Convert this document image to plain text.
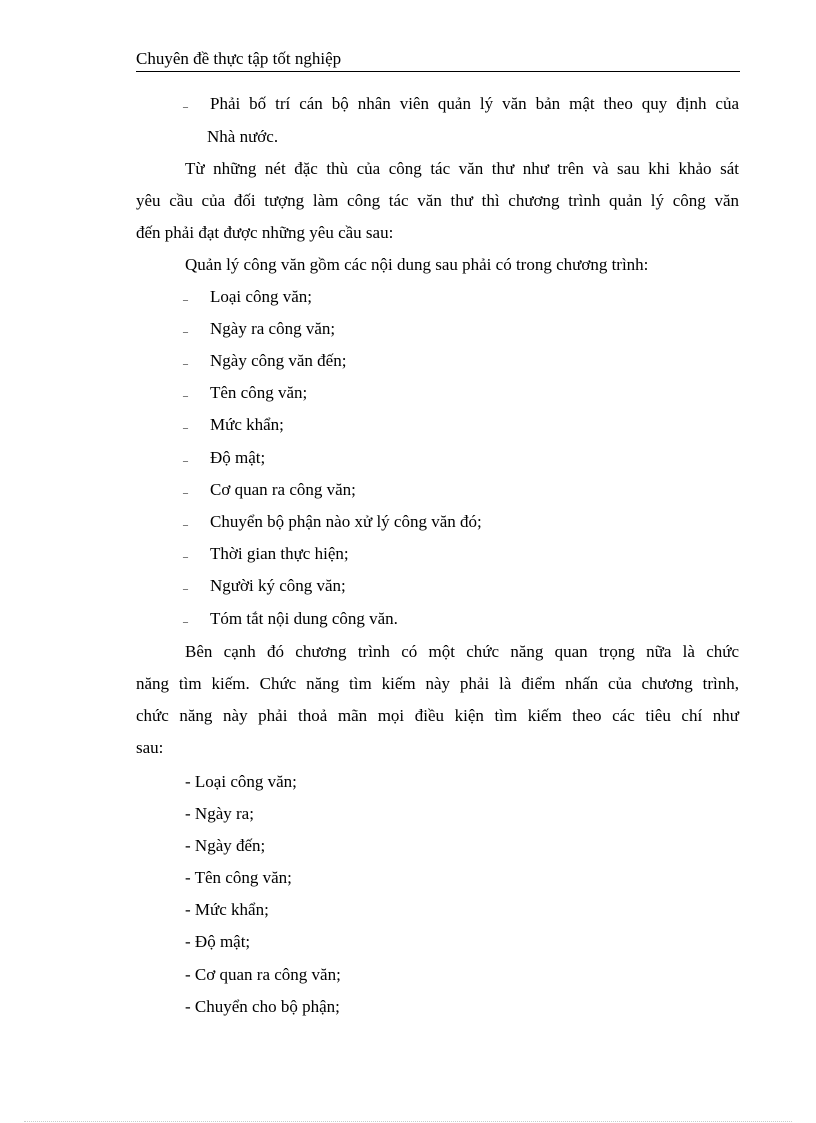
Chuyên đề thực tập tốt nghiệp
– Phải bố trí cán bộ nhân viên quản lý văn bản mật theo quy định của
Nhà nước.
Từ những nét đặc thù của công tác văn thư như trên và sau khi khảo sát
yêu cầu của đối tượng làm công tác văn thư thì chương trình quản lý công văn
đến phải đạt được những yêu cầu sau:
Quản lý công văn gồm các nội dung sau phải có trong chương trình:
– Loại công văn;
– Ngày ra công văn;
– Ngày công văn đến;
– Tên công văn;
– Mức khẩn;
– Độ mật;
– Cơ quan ra công văn;
– Chuyển bộ phận nào xử lý công văn đó;
– Thời gian thực hiện;
– Người ký công văn;
– Tóm tắt nội dung công văn.
Bên cạnh đó chương trình có một chức năng quan trọng nữa là chức
năng tìm kiếm. Chức năng tìm kiếm này phải là điểm nhấn của chương trình,
chức năng này phải thoả mãn mọi điều kiện tìm kiếm theo các tiêu chí như
sau:
- Loại công văn;
- Ngày ra;
- Ngày đến;
- Tên công văn;
- Mức khẩn;
- Độ mật;
- Cơ quan ra công văn;
- Chuyển cho bộ phận;
